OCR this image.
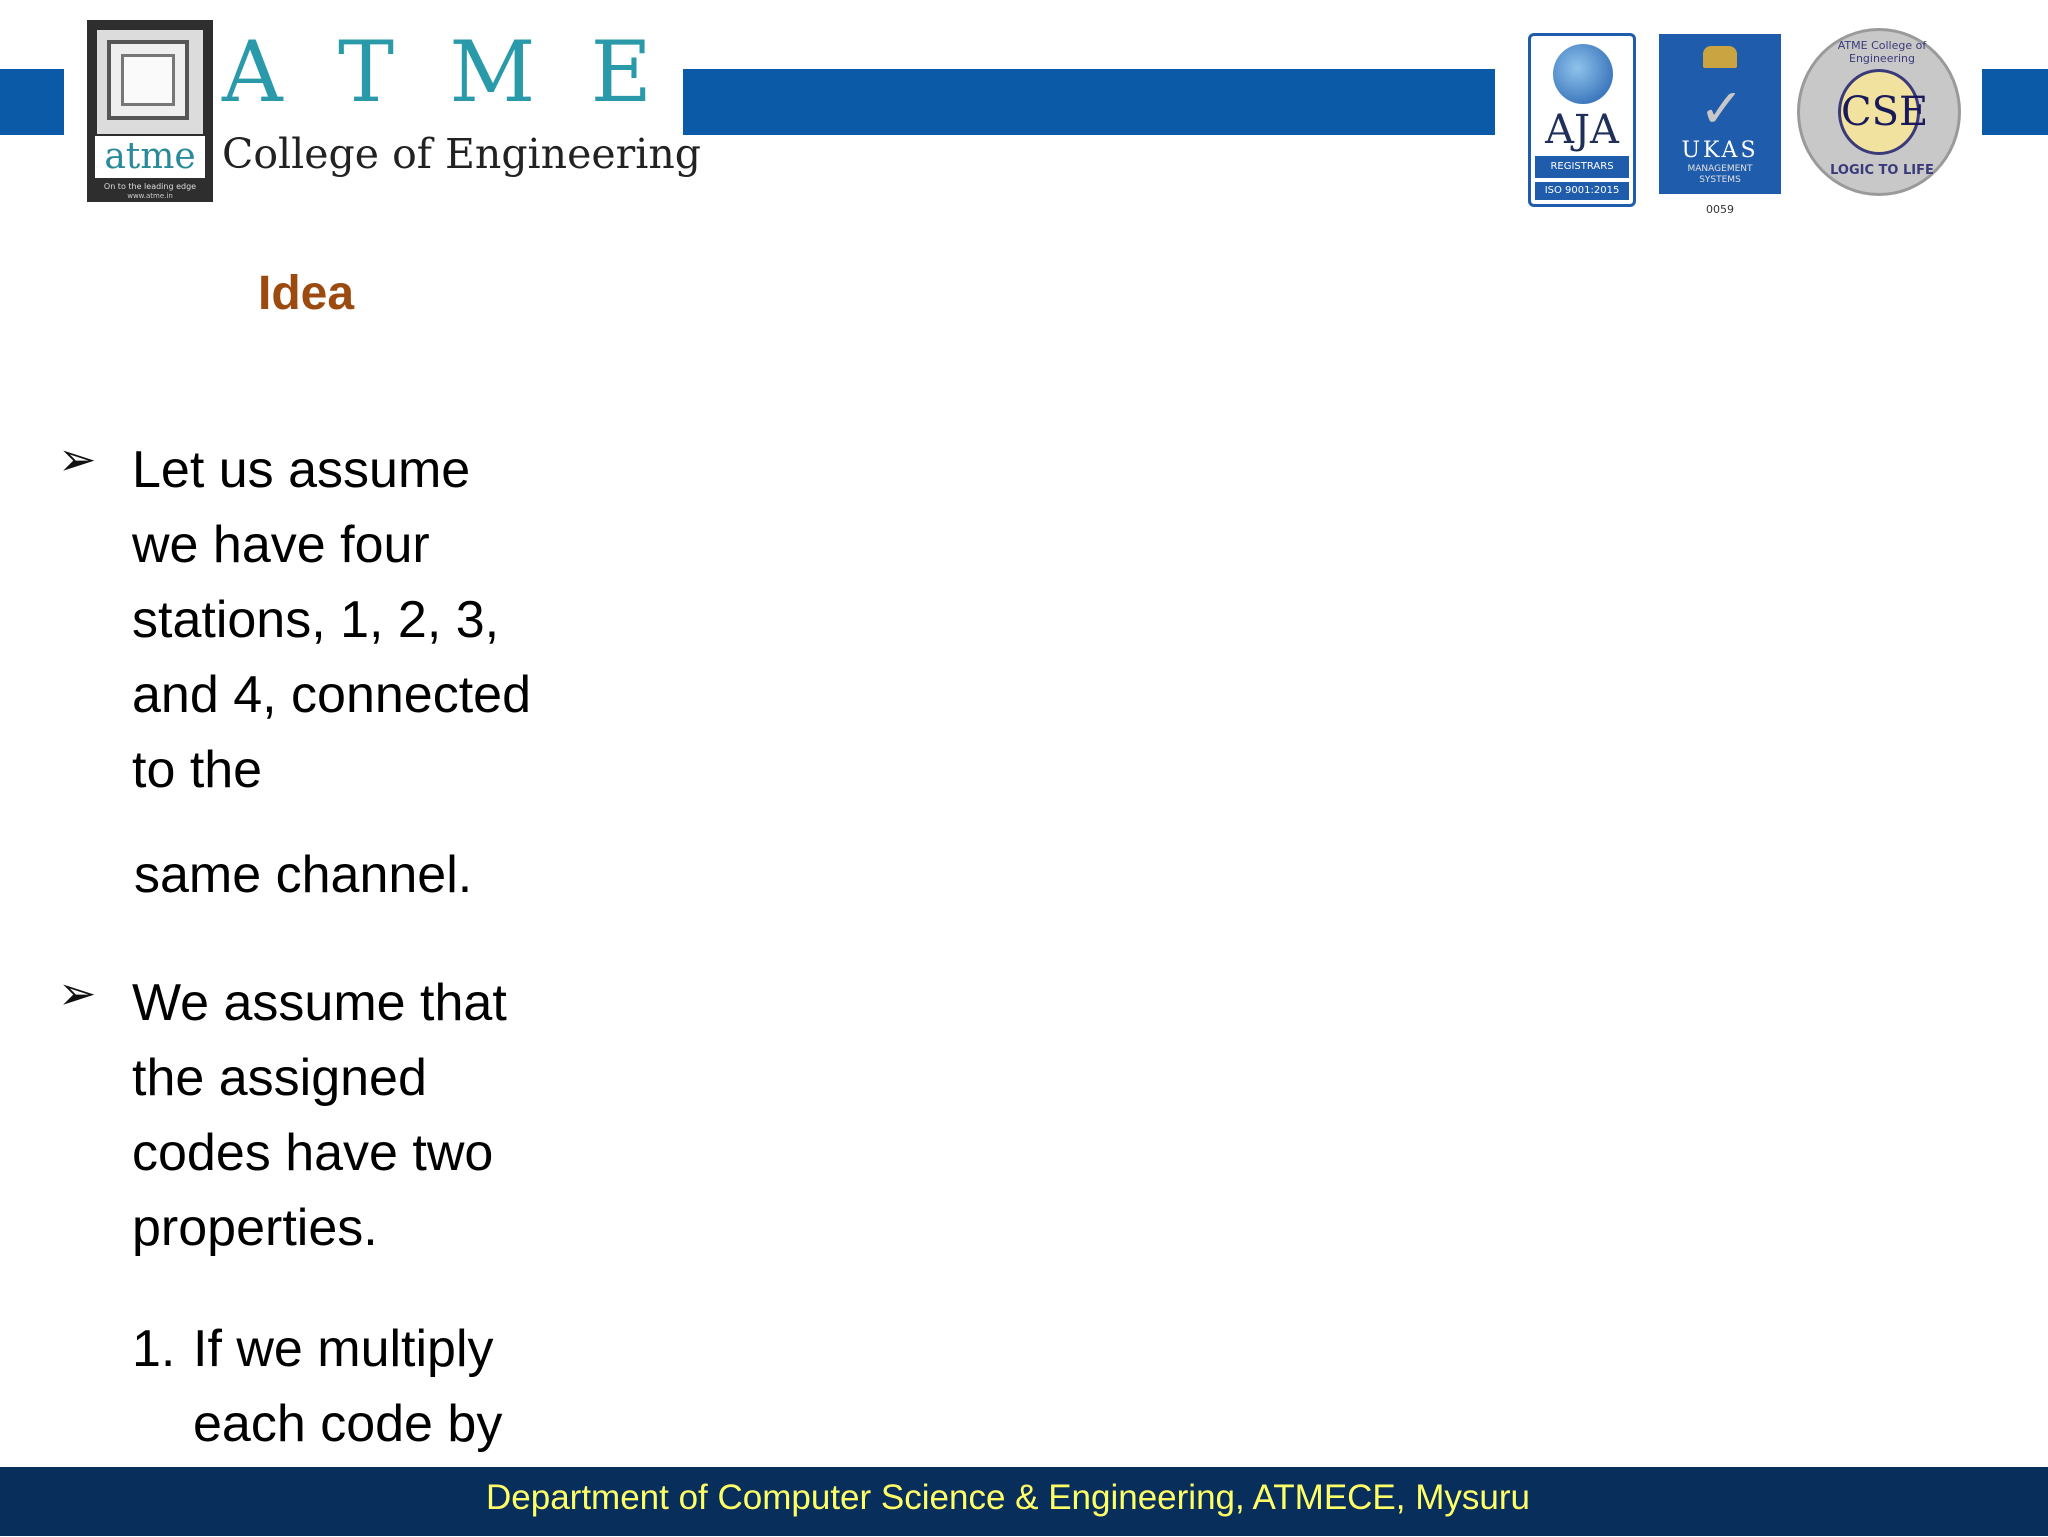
atme
On to the leading edge
www.atme.in
A T M E
College of Engineering	AJA
REGISTRARS
ISO 9001:2015
✓
UKAS
MANAGEMENT
SYSTEMS
0059
ATME College of Engineering
CSE
LOGIC TO LIFE
Idea
➢ Let us assume
we have four
stations, 1, 2, 3,
and 4, connected
to the
same channel.
➢ We assume that
the assigned
codes have two
properties.
1. If we multiply
each code by
Department of Computer Science & Engineering, ATMECE, Mysuru
